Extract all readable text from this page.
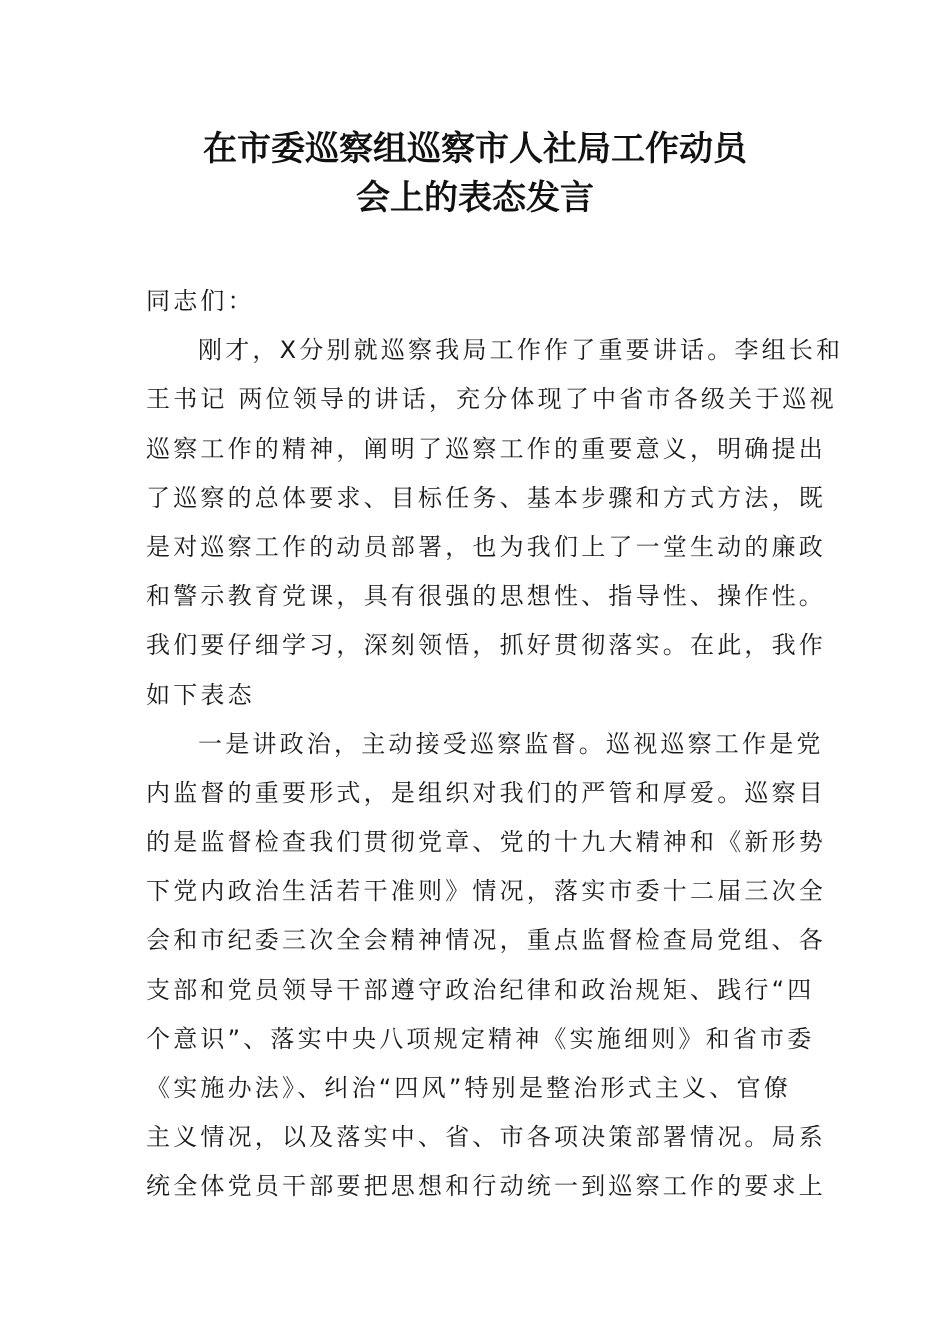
在市委巡察组巡察市人社局工作动员
会上的表态发言
同志们：
刚才，X分别就巡察我局工作作了重要讲话。李组长和
王书记 两位领导的讲话，充分体现了中省市各级关于巡视
巡察工作的精神，阐明了巡察工作的重要意义，明确提出
了巡察的总体要求、目标任务、基本步骤和方式方法，既
是对巡察工作的动员部署，也为我们上了一堂生动的廉政
和警示教育党课，具有很强的思想性、指导性、操作性。
我们要仔细学习，深刻领悟，抓好贯彻落实。在此，我作
如下表态
一是讲政治，主动接受巡察监督。巡视巡察工作是党
内监督的重要形式，是组织对我们的严管和厚爱。巡察目
的是监督检查我们贯彻党章、党的十九大精神和《新形势
下党内政治生活若干准则》情况，落实市委十二届三次全
会和市纪委三次全会精神情况，重点监督检查局党组、各
支部和党员领导干部遵守政治纪律和政治规矩、践行“四
个意识”、落实中央八项规定精神《实施细则》和省市委
《实施办法》、纠治“四风”特别是整治形式主义、官僚
主义情况，以及落实中、省、市各项决策部署情况。局系
统全体党员干部要把思想和行动统一到巡察工作的要求上
